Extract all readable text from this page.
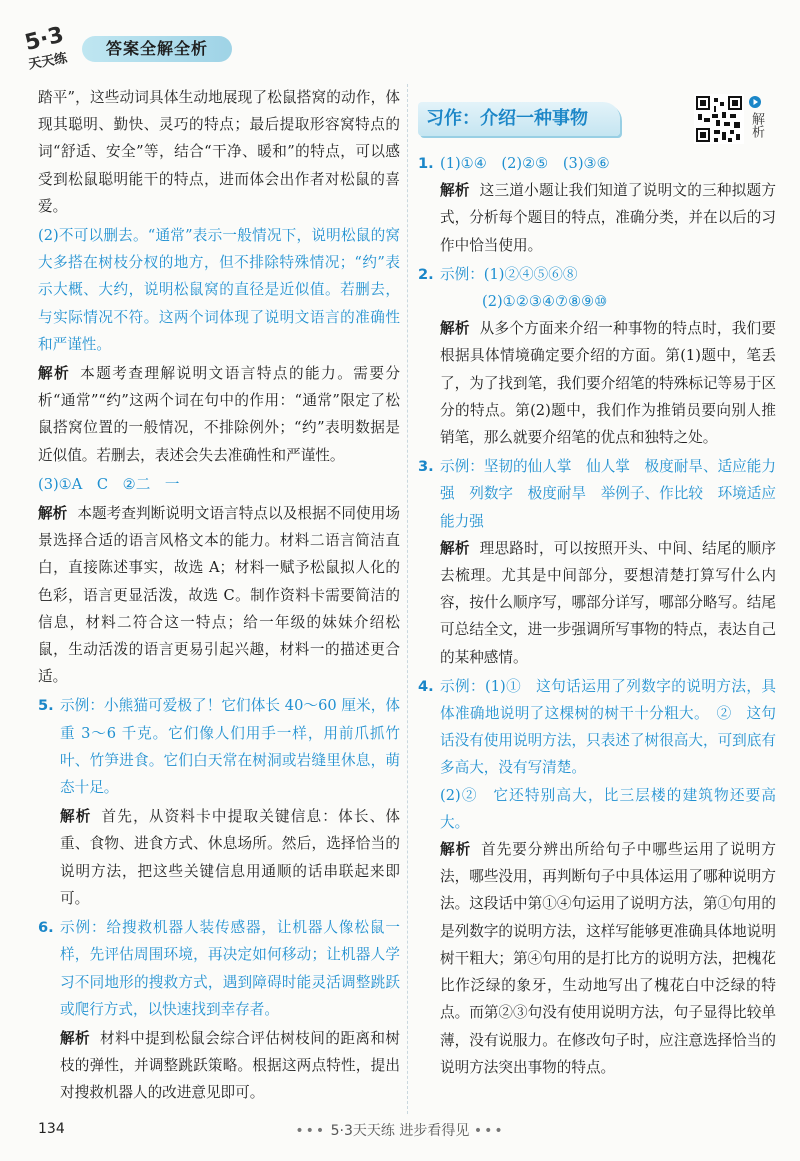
5·3
天天练
答案全解全析

踏平”，这些动词具体生动地展现了松鼠搭窝的动作，体现其聪明、勤快、灵巧的特点；最后提取形容窝特点的词“舒适、安全”等，结合“干净、暖和”的特点，可以感受到松鼠聪明能干的特点，进而体会出作者对松鼠的喜爱。

(2)不可以删去。“通常”表示一般情况下，说明松鼠的窝大多搭在树枝分杈的地方，但不排除特殊情况；“约”表示大概、大约，说明松鼠窝的直径是近似值。若删去，与实际情况不符。这两个词体现了说明文语言的准确性和严谨性。

解析 本题考查理解说明文语言特点的能力。需要分析“通常”“约”这两个词在句中的作用：“通常”限定了松鼠搭窝位置的一般情况，不排除例外；“约”表明数据是近似值。若删去，表述会失去准确性和严谨性。

(3)①A　C　②二　一

解析 本题考查判断说明文语言特点以及根据不同使用场景选择合适的语言风格文本的能力。材料二语言简洁直白，直接陈述事实，故选 A；材料一赋予松鼠拟人化的色彩，语言更显活泼，故选 C。制作资料卡需要简洁的信息，材料二符合这一特点；给一年级的妹妹介绍松鼠，生动活泼的语言更易引起兴趣，材料一的描述更合适。

5. 示例：小熊猫可爱极了！它们体长 40～60 厘米，体重 3～6 千克。它们像人们用手一样，用前爪抓竹叶、竹笋进食。它们白天常在树洞或岩缝里休息，萌态十足。

解析 首先，从资料卡中提取关键信息：体长、体重、食物、进食方式、休息场所。然后，选择恰当的说明方法，把这些关键信息用通顺的话串联起来即可。

6. 示例：给搜救机器人装传感器，让机器人像松鼠一样，先评估周围环境，再决定如何移动；让机器人学习不同地形的搜救方式，遇到障碍时能灵活调整跳跃或爬行方式，以快速找到幸存者。

解析 材料中提到松鼠会综合评估树枝间的距离和树枝的弹性，并调整跳跃策略。根据这两点特性，提出对搜救机器人的改进意见即可。

习作：介绍一种事物	解析
1. (1)①④　(2)②⑤　(3)③⑥

解析 这三道小题让我们知道了说明文的三种拟题方式，分析每个题目的特点，准确分类，并在以后的习作中恰当使用。

2. 示例：(1)②④⑤⑥⑧

(2)①②③④⑦⑧⑨⑩

解析 从多个方面来介绍一种事物的特点时，我们要根据具体情境确定要介绍的方面。第(1)题中，笔丢了，为了找到笔，我们要介绍笔的特殊标记等易于区分的特点。第(2)题中，我们作为推销员要向别人推销笔，那么就要介绍笔的优点和独特之处。

3. 示例：坚韧的仙人掌　仙人掌　极度耐旱、适应能力强　列数字　极度耐旱　举例子、作比较　环境适应能力强

解析 理思路时，可以按照开头、中间、结尾的顺序去梳理。尤其是中间部分，要想清楚打算写什么内容，按什么顺序写，哪部分详写，哪部分略写。结尾可总结全文，进一步强调所写事物的特点，表达自己的某种感情。

4. 示例：(1)①　这句话运用了列数字的说明方法，具体准确地说明了这棵树的树干十分粗大。　②　这句话没有使用说明方法，只表述了树很高大，可到底有多高大，没有写清楚。

(2)②　它还特别高大，比三层楼的建筑物还要高大。

解析 首先要分辨出所给句子中哪些运用了说明方法，哪些没用，再判断句子中具体运用了哪种说明方法。这段话中第①④句运用了说明方法，第①句用的是列数字的说明方法，这样写能够更准确具体地说明树干粗大；第④句用的是打比方的说明方法，把槐花比作泛绿的象牙，生动地写出了槐花白中泛绿的特点。而第②③句没有使用说明方法，句子显得比较单薄，没有说服力。在修改句子时，应注意选择恰当的说明方法突出事物的特点。

134	••• 5·3天天练 进步看得见 •••
